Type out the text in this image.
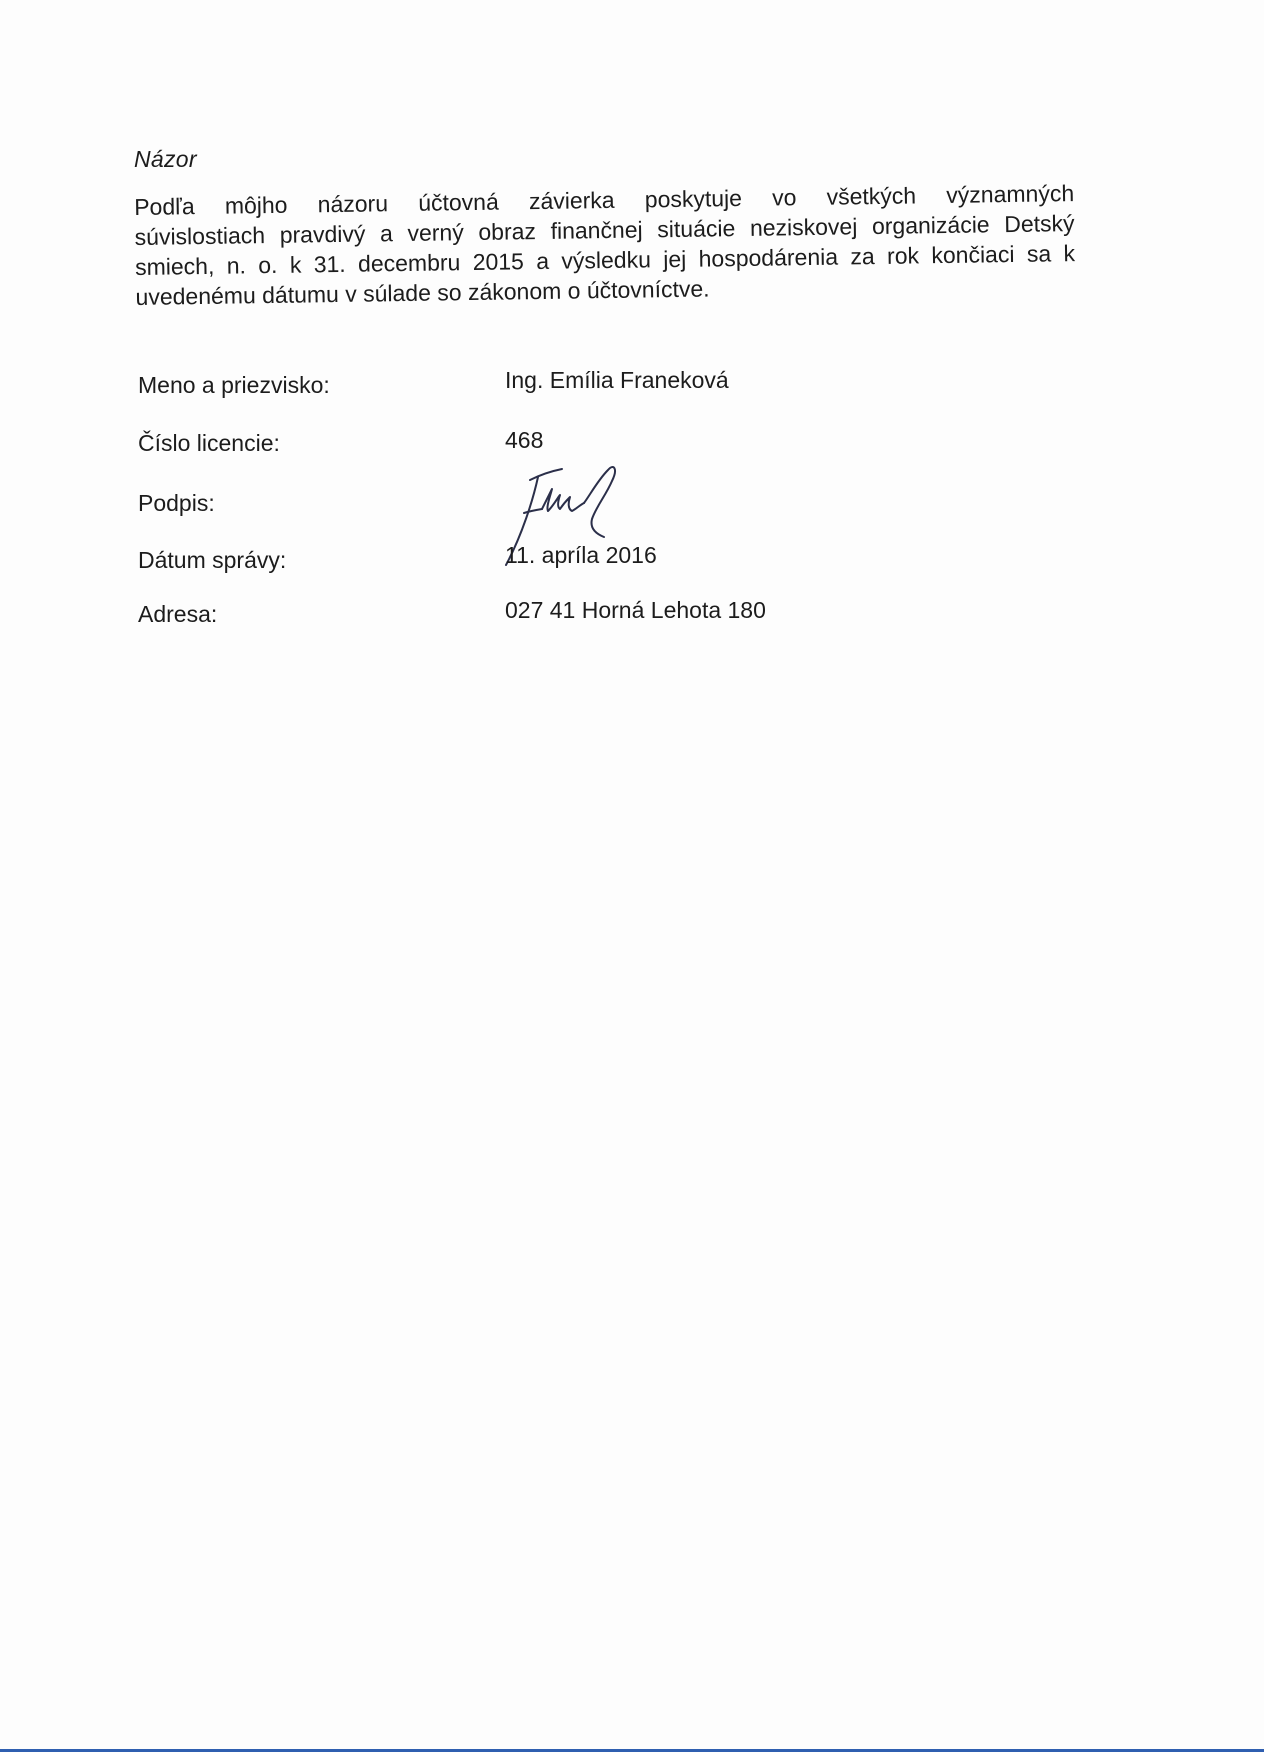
Názor
Podľa môjho názoru účtovná závierka poskytuje vo všetkých významných
súvislostiach pravdivý a verný obraz finančnej situácie neziskovej organizácie Detský
smiech, n. o. k 31. decembru 2015 a výsledku jej hospodárenia za rok končiaci sa k
uvedenému dátumu v súlade so zákonom o účtovníctve.
Meno a priezvisko:	Ing. Emília Franeková
Číslo licencie:	468
Podpis:
Dátum správy:	11. apríla 2016
Adresa:	027 41 Horná Lehota 180
